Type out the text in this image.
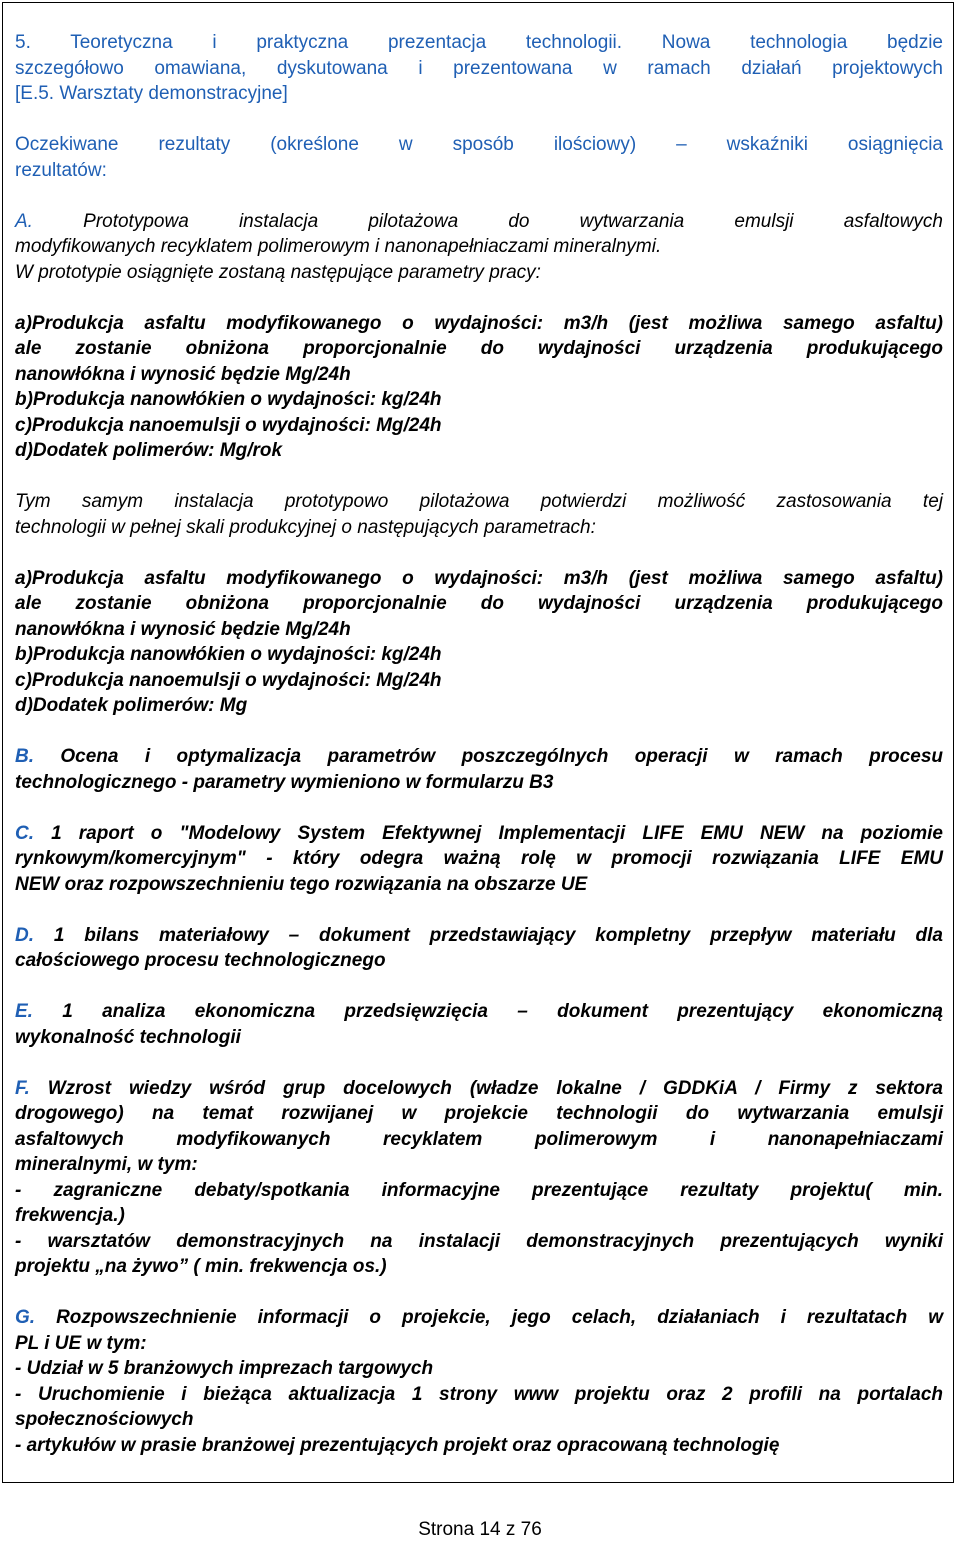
5. Teoretyczna i praktyczna prezentacja technologii. Nowa technologia będzie
szczegółowo omawiana, dyskutowana i prezentowana w ramach działań projektowych
[E.5. Warsztaty demonstracyjne]
Oczekiwane rezultaty (określone w sposób ilościowy) – wskaźniki osiągnięcia
rezultatów:
A. Prototypowa instalacja pilotażowa do wytwarzania emulsji asfaltowych
modyfikowanych recyklatem polimerowym i nanonapełniaczami mineralnymi.
W prototypie osiągnięte zostaną następujące parametry pracy:
a)Produkcja asfaltu modyfikowanego o wydajności: m3/h (jest możliwa samego asfaltu)
ale zostanie obniżona proporcjonalnie do wydajności urządzenia produkującego
nanowłókna i wynosić będzie Mg/24h
b)Produkcja nanowłókien o wydajności: kg/24h
c)Produkcja nanoemulsji o wydajności: Mg/24h
d)Dodatek polimerów: Mg/rok
Tym samym instalacja prototypowo pilotażowa potwierdzi możliwość zastosowania tej
technologii w pełnej skali produkcyjnej o następujących parametrach:
a)Produkcja asfaltu modyfikowanego o wydajności: m3/h (jest możliwa samego asfaltu)
ale zostanie obniżona proporcjonalnie do wydajności urządzenia produkującego
nanowłókna i wynosić będzie Mg/24h
b)Produkcja nanowłókien o wydajności: kg/24h
c)Produkcja nanoemulsji o wydajności: Mg/24h
d)Dodatek polimerów: Mg
B. Ocena i optymalizacja parametrów poszczególnych operacji w ramach procesu
technologicznego - parametry wymieniono w formularzu B3
C. 1 raport o "Modelowy System Efektywnej Implementacji LIFE EMU NEW na poziomie
rynkowym/komercyjnym" - który odegra ważną rolę w promocji rozwiązania LIFE EMU
NEW oraz rozpowszechnieniu tego rozwiązania na obszarze UE
D. 1 bilans materiałowy – dokument przedstawiający kompletny przepływ materiału dla
całościowego procesu technologicznego
E. 1 analiza ekonomiczna przedsięwzięcia – dokument prezentujący ekonomiczną
wykonalność technologii
F. Wzrost wiedzy wśród grup docelowych (władze lokalne / GDDKiA / Firmy z sektora
drogowego) na temat rozwijanej w projekcie technologii do wytwarzania emulsji
asfaltowych modyfikowanych recyklatem polimerowym i nanonapełniaczami
mineralnymi, w tym:
- zagraniczne debaty/spotkania informacyjne prezentujące rezultaty projektu( min.
frekwencja.)
- warsztatów demonstracyjnych na instalacji demonstracyjnych prezentujących wyniki
projektu „na żywo” ( min. frekwencja os.)
G. Rozpowszechnienie informacji o projekcie, jego celach, działaniach i rezultatach w
PL i UE w tym:
- Udział w 5 branżowych imprezach targowych
- Uruchomienie i bieżąca aktualizacja 1 strony www projektu oraz 2 profili na portalach
społecznościowych
- artykułów w prasie branżowej prezentujących projekt oraz opracowaną technologię
Strona 14 z 76
